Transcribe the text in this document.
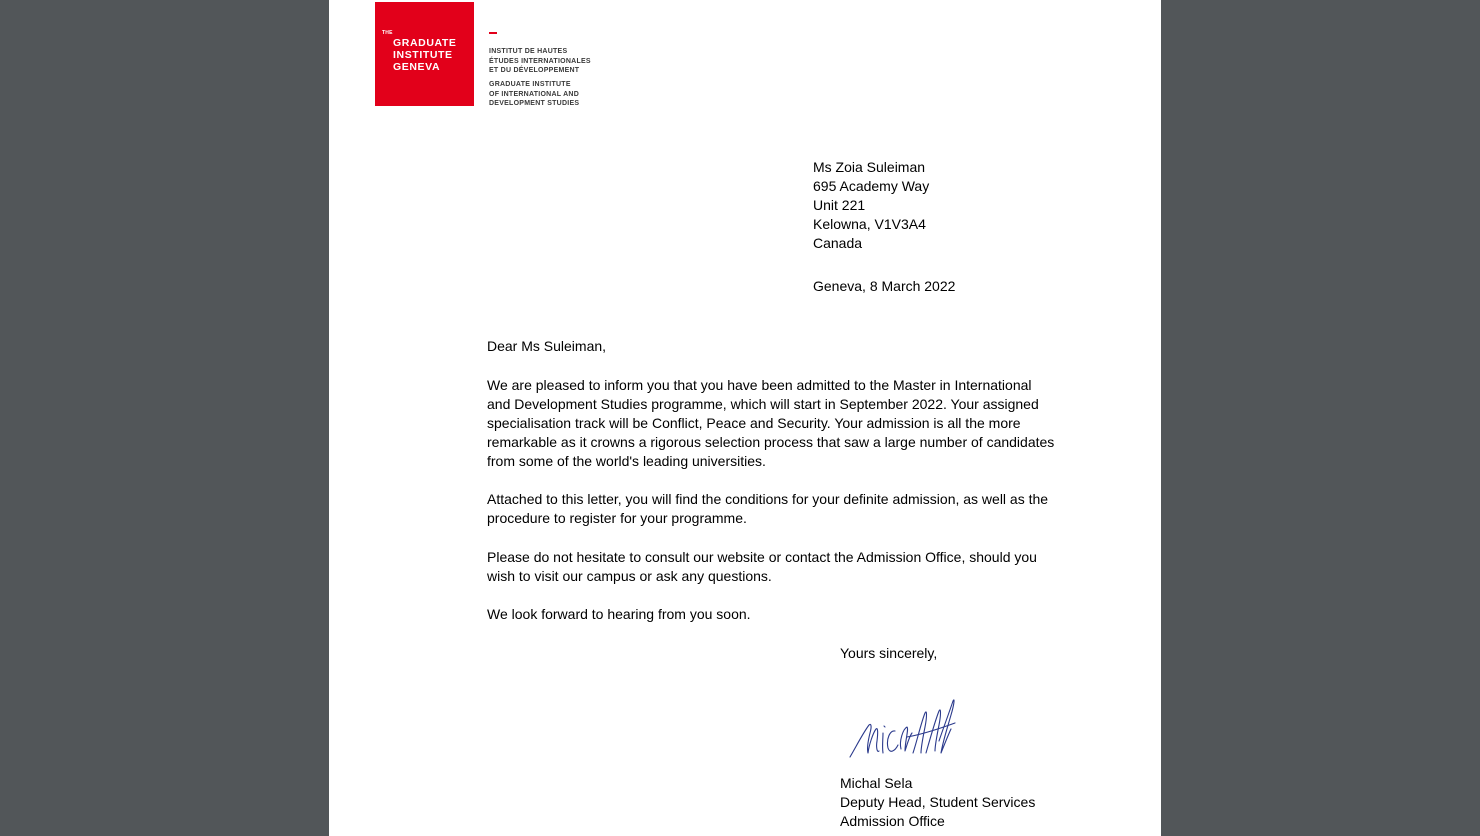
THE
GRADUATE
INSTITUTE
GENEVA
INSTITUT DE HAUTES
ÉTUDES INTERNATIONALES
ET DU DÉVELOPPEMENT
GRADUATE INSTITUTE
OF INTERNATIONAL AND
DEVELOPMENT STUDIES
Ms Zoia Suleiman
695 Academy Way
Unit 221
Kelowna, V1V3A4
Canada
Geneva, 8 March 2022
Dear Ms Suleiman,
We are pleased to inform you that you have been admitted to the Master in International
and Development Studies programme, which will start in September 2022. Your assigned
specialisation track will be Conflict, Peace and Security. Your admission is all the more
remarkable as it crowns a rigorous selection process that saw a large number of candidates
from some of the world's leading universities.
Attached to this letter, you will find the conditions for your definite admission, as well as the
procedure to register for your programme.
Please do not hesitate to consult our website or contact the Admission Office, should you
wish to visit our campus or ask any questions.
We look forward to hearing from you soon.
Yours sincerely,
Michal Sela
Deputy Head, Student Services
Admission Office
